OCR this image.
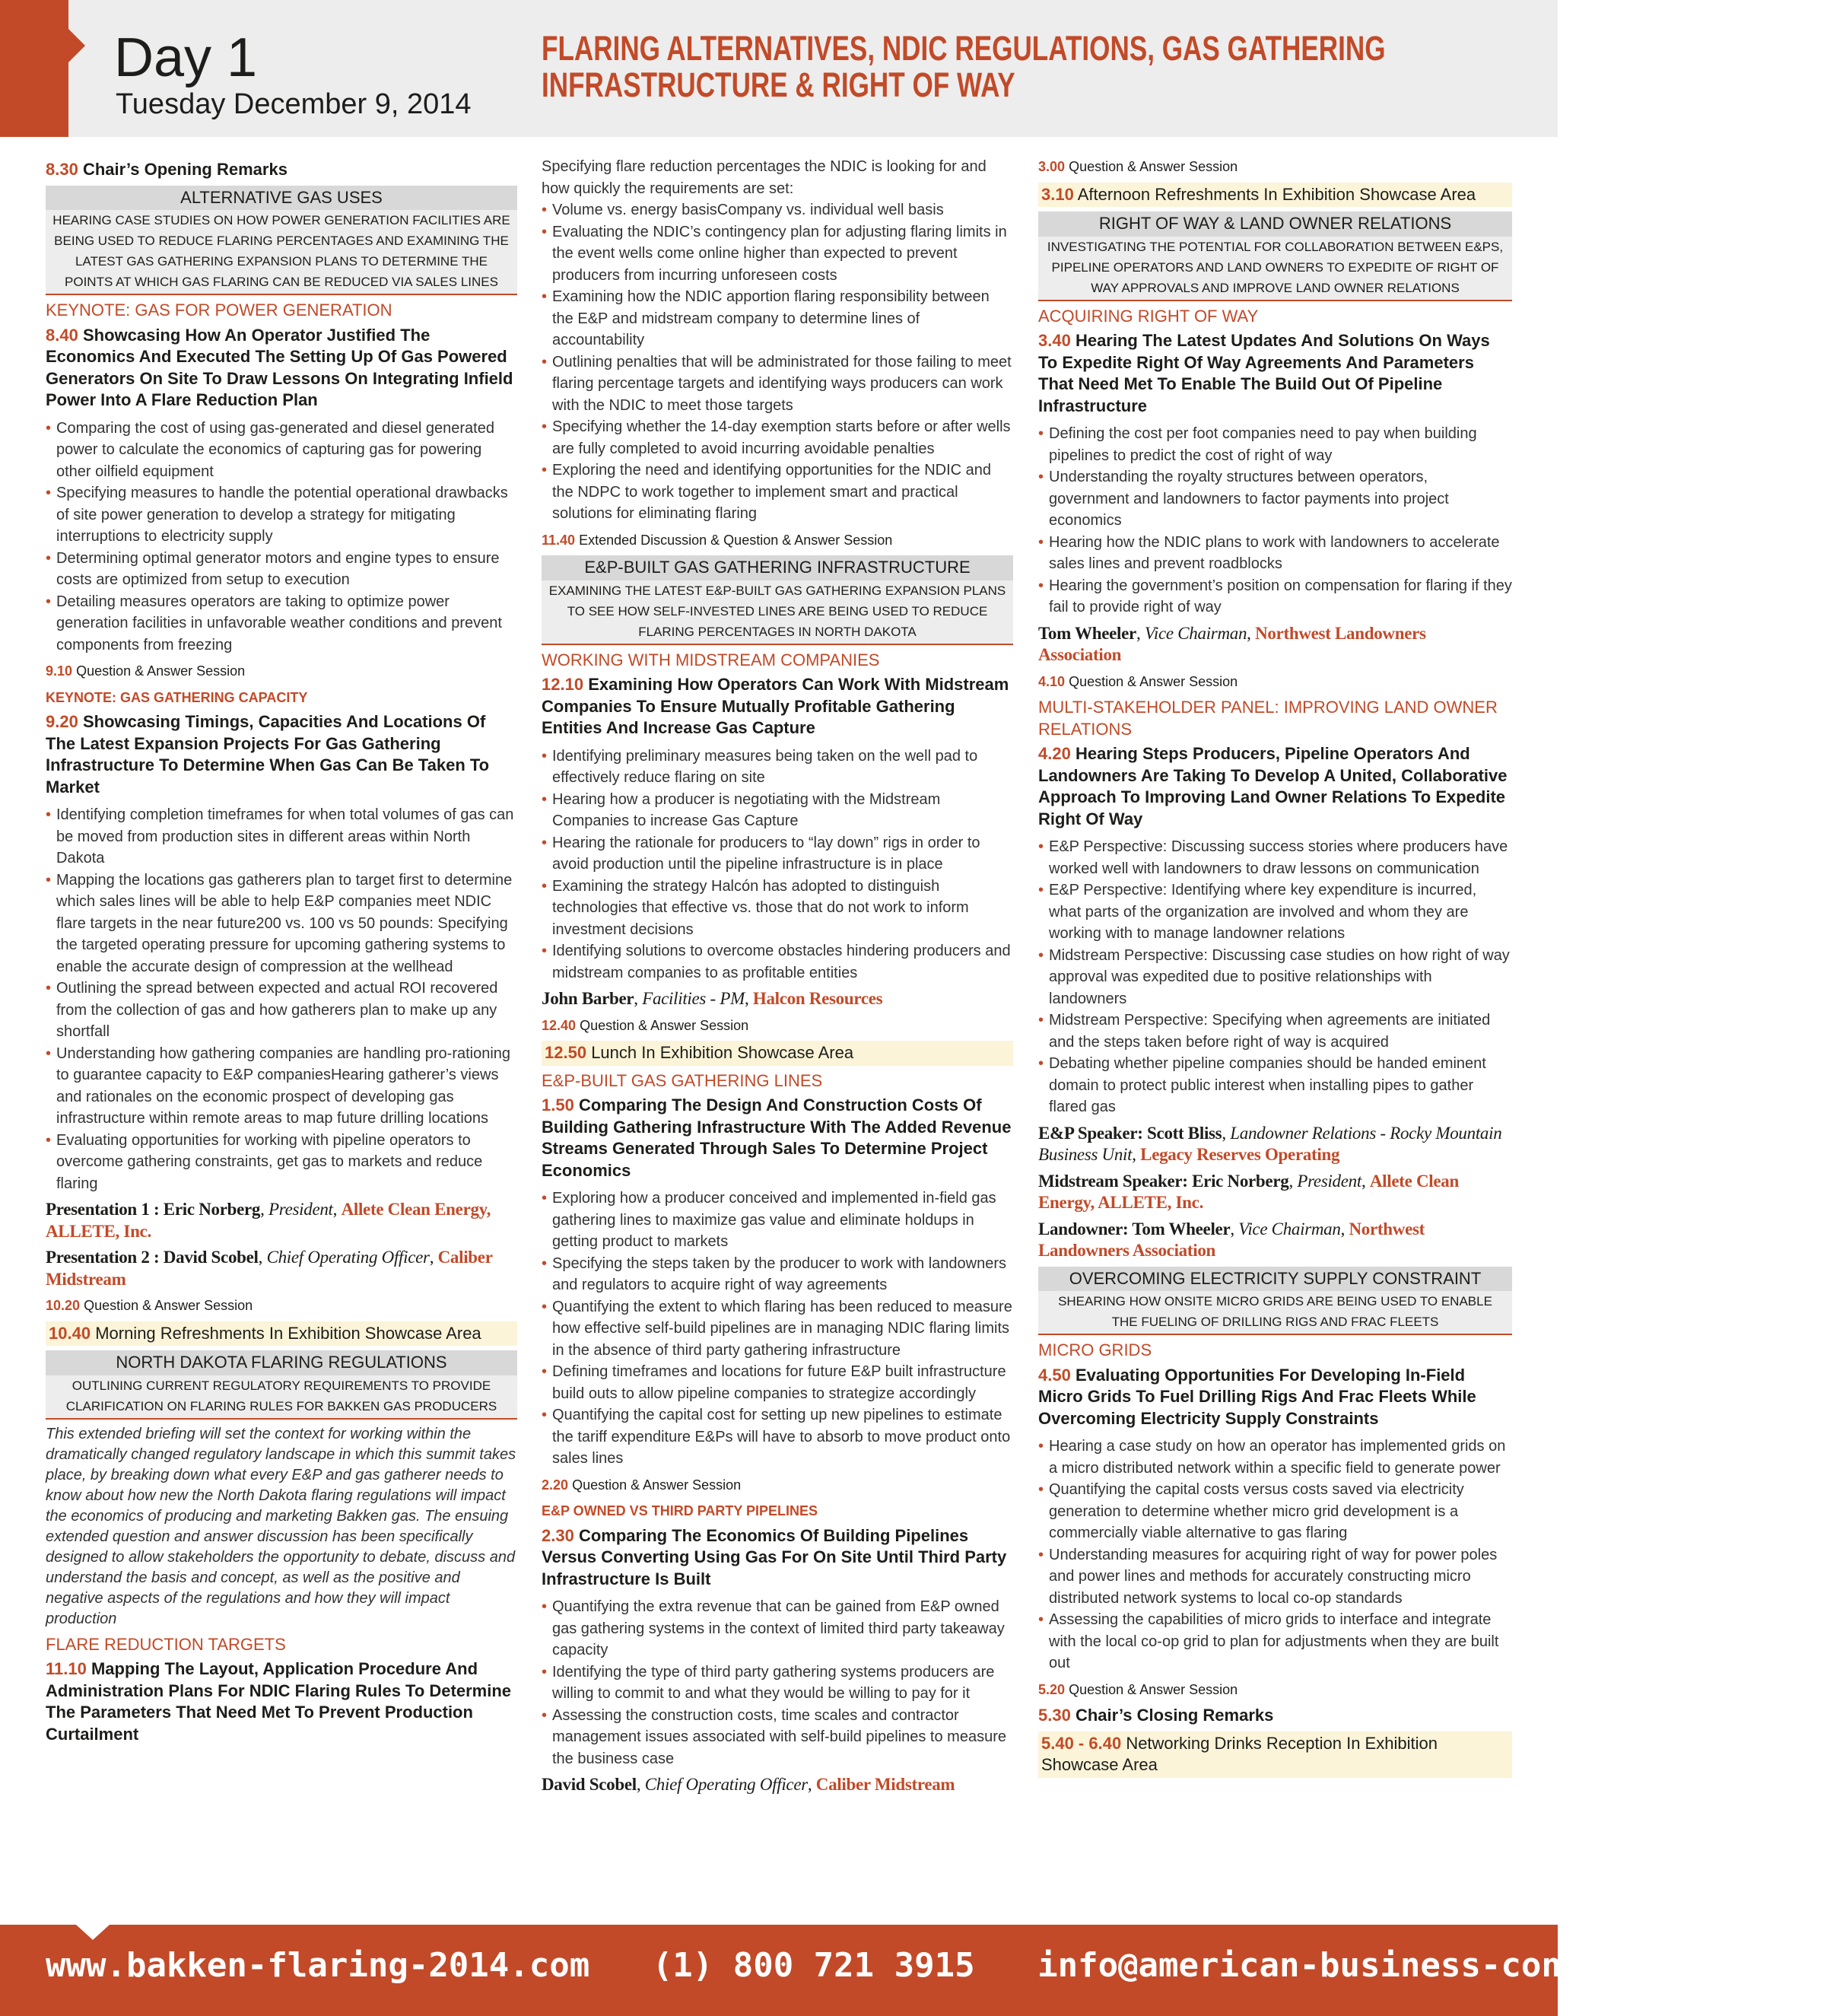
Day 1
Tuesday December 9, 2014
FLARING ALTERNATIVES, NDIC REGULATIONS, GAS GATHERING
INFRASTRUCTURE & RIGHT OF WAY
8.30 Chair’s Opening Remarks
ALTERNATIVE GAS USES
HEARING CASE STUDIES ON HOW POWER GENERATION FACILITIES ARE BEING USED TO REDUCE FLARING PERCENTAGES AND EXAMINING THE LATEST GAS GATHERING EXPANSION PLANS TO DETERMINE THE POINTS AT WHICH GAS FLARING CAN BE REDUCED VIA SALES LINES
KEYNOTE: GAS FOR POWER GENERATION
8.40 Showcasing How An Operator Justified The Economics And Executed The Setting Up Of Gas Powered Generators On Site To Draw Lessons On Integrating Infield Power Into A Flare Reduction Plan
• Comparing the cost of using gas-generated and diesel generated power to calculate the economics of capturing gas for powering other oilfield equipment
• Specifying measures to handle the potential operational drawbacks of site power generation to develop a strategy for mitigating interruptions to electricity supply
• Determining optimal generator motors and engine types to ensure costs are optimized from setup to execution
• Detailing measures operators are taking to optimize power generation facilities in unfavorable weather conditions and prevent components from freezing
9.10 Question & Answer Session
KEYNOTE: GAS GATHERING CAPACITY
9.20 Showcasing Timings, Capacities And Locations Of The Latest Expansion Projects For Gas Gathering Infrastructure To Determine When Gas Can Be Taken To Market
• Identifying completion timeframes for when total volumes of gas can be moved from production sites in different areas within North Dakota
• Mapping the locations gas gatherers plan to target first to determine which sales lines will be able to help E&P companies meet NDIC flare targets in the near future200 vs. 100 vs 50 pounds: Specifying the targeted operating pressure for upcoming gathering systems to enable the accurate design of compression at the wellhead
• Outlining the spread between expected and actual ROI recovered from the collection of gas and how gatherers plan to make up any shortfall
• Understanding how gathering companies are handling pro-rationing to guarantee capacity to E&P companiesHearing gatherer’s views and rationales on the economic prospect of developing gas infrastructure within remote areas to map future drilling locations
• Evaluating opportunities for working with pipeline operators to overcome gathering constraints, get gas to markets and reduce flaring
Presentation 1 : Eric Norberg, President, Allete Clean Energy, ALLETE, Inc.
Presentation 2 : David Scobel, Chief Operating Officer, Caliber Midstream
10.20 Question & Answer Session
10.40 Morning Refreshments In Exhibition Showcase Area
NORTH DAKOTA FLARING REGULATIONS
OUTLINING CURRENT REGULATORY REQUIREMENTS TO PROVIDE CLARIFICATION ON FLARING RULES FOR BAKKEN GAS PRODUCERS
This extended briefing will set the context for working within the dramatically changed regulatory landscape in which this summit takes place, by breaking down what every E&P and gas gatherer needs to know about how new the North Dakota flaring regulations will impact the economics of producing and marketing Bakken gas. The ensuing extended question and answer discussion has been specifically designed to allow stakeholders the opportunity to debate, discuss and understand the basis and concept, as well as the positive and negative aspects of the regulations and how they will impact production
FLARE REDUCTION TARGETS
11.10 Mapping The Layout, Application Procedure And Administration Plans For NDIC Flaring Rules To Determine The Parameters That Need Met To Prevent Production Curtailment
Specifying flare reduction percentages the NDIC is looking for and how quickly the requirements are set:
• Volume vs. energy basisCompany vs. individual well basis
• Evaluating the NDIC’s contingency plan for adjusting flaring limits in the event wells come online higher than expected to prevent producers from incurring unforeseen costs
• Examining how the NDIC apportion flaring responsibility between the E&P and midstream company to determine lines of accountability
• Outlining penalties that will be administrated for those failing to meet flaring percentage targets and identifying ways producers can work with the NDIC to meet those targets
• Specifying whether the 14-day exemption starts before or after wells are fully completed to avoid incurring avoidable penalties
• Exploring the need and identifying opportunities for the NDIC and the NDPC to work together to implement smart and practical solutions for eliminating flaring
11.40 Extended Discussion & Question & Answer Session
E&P-BUILT GAS GATHERING INFRASTRUCTURE
EXAMINING THE LATEST E&P-BUILT GAS GATHERING EXPANSION PLANS TO SEE HOW SELF-INVESTED LINES ARE BEING USED TO REDUCE FLARING PERCENTAGES IN NORTH DAKOTA
WORKING WITH MIDSTREAM COMPANIES
12.10 Examining How Operators Can Work With Midstream Companies To Ensure Mutually Profitable Gathering Entities And Increase Gas Capture
• Identifying preliminary measures being taken on the well pad to effectively reduce flaring on site
• Hearing how a producer is negotiating with the Midstream Companies to increase Gas Capture
• Hearing the rationale for producers to “lay down” rigs in order to avoid production until the pipeline infrastructure is in place
• Examining the strategy Halcón has adopted to distinguish technologies that effective vs. those that do not work to inform investment decisions
• Identifying solutions to overcome obstacles hindering producers and midstream companies to as profitable entities
John Barber, Facilities - PM, Halcon Resources
12.40 Question & Answer Session
12.50 Lunch In Exhibition Showcase Area
E&P-BUILT GAS GATHERING LINES
1.50 Comparing The Design And Construction Costs Of Building Gathering Infrastructure With The Added Revenue Streams Generated Through Sales To Determine Project Economics
• Exploring how a producer conceived and implemented in-field gas gathering lines to maximize gas value and eliminate holdups in getting product to markets
• Specifying the steps taken by the producer to work with landowners and regulators to acquire right of way agreements
• Quantifying the extent to which flaring has been reduced to measure how effective self-build pipelines are in managing NDIC flaring limits in the absence of third party gathering infrastructure
• Defining timeframes and locations for future E&P built infrastructure build outs to allow pipeline companies to strategize accordingly
• Quantifying the capital cost for setting up new pipelines to estimate the tariff expenditure E&Ps will have to absorb to move product onto sales lines
2.20 Question & Answer Session
E&P OWNED VS THIRD PARTY PIPELINES
2.30 Comparing The Economics Of Building Pipelines Versus Converting Using Gas For On Site Until Third Party Infrastructure Is Built
• Quantifying the extra revenue that can be gained from E&P owned gas gathering systems in the context of limited third party takeaway capacity
• Identifying the type of third party gathering systems producers are willing to commit to and what they would be willing to pay for it
• Assessing the construction costs, time scales and contractor management issues associated with self-build pipelines to measure the business case
David Scobel, Chief Operating Officer, Caliber Midstream
3.00 Question & Answer Session
3.10 Afternoon Refreshments In Exhibition Showcase Area
RIGHT OF WAY & LAND OWNER RELATIONS
INVESTIGATING THE POTENTIAL FOR COLLABORATION BETWEEN E&PS, PIPELINE OPERATORS AND LAND OWNERS TO EXPEDITE OF RIGHT OF WAY APPROVALS AND IMPROVE LAND OWNER RELATIONS
ACQUIRING RIGHT OF WAY
3.40 Hearing The Latest Updates And Solutions On Ways To Expedite Right Of Way Agreements And Parameters That Need Met To Enable The Build Out Of Pipeline Infrastructure
• Defining the cost per foot companies need to pay when building pipelines to predict the cost of right of way
• Understanding the royalty structures between operators, government and landowners to factor payments into project economics
• Hearing how the NDIC plans to work with landowners to accelerate sales lines and prevent roadblocks
• Hearing the government’s position on compensation for flaring if they fail to provide right of way
Tom Wheeler, Vice Chairman, Northwest Landowners Association
4.10 Question & Answer Session
MULTI-STAKEHOLDER PANEL: IMPROVING LAND OWNER RELATIONS
4.20 Hearing Steps Producers, Pipeline Operators And Landowners Are Taking To Develop A United, Collaborative Approach To Improving Land Owner Relations To Expedite Right Of Way
• E&P Perspective: Discussing success stories where producers have worked well with landowners to draw lessons on communication
• E&P Perspective: Identifying where key expenditure is incurred, what parts of the organization are involved and whom they are working with to manage landowner relations
• Midstream Perspective: Discussing case studies on how right of way approval was expedited due to positive relationships with landowners
• Midstream Perspective: Specifying when agreements are initiated and the steps taken before right of way is acquired
• Debating whether pipeline companies should be handed eminent domain to protect public interest when installing pipes to gather flared gas
E&P Speaker: Scott Bliss, Landowner Relations - Rocky Mountain Business Unit, Legacy Reserves Operating
Midstream Speaker: Eric Norberg, President, Allete Clean Energy, ALLETE, Inc.
Landowner: Tom Wheeler, Vice Chairman, Northwest Landowners Association
OVERCOMING ELECTRICITY SUPPLY CONSTRAINT
SHEARING HOW ONSITE MICRO GRIDS ARE BEING USED TO ENABLE THE FUELING OF DRILLING RIGS AND FRAC FLEETS
MICRO GRIDS
4.50 Evaluating Opportunities For Developing In-Field Micro Grids To Fuel Drilling Rigs And Frac Fleets While Overcoming Electricity Supply Constraints
• Hearing a case study on how an operator has implemented grids on a micro distributed network within a specific field to generate power
• Quantifying the capital costs versus costs saved via electricity generation to determine whether micro grid development is a commercially viable alternative to gas flaring
• Understanding measures for acquiring right of way for power poles and power lines and methods for accurately constructing micro distributed network systems to local co-op standards
• Assessing the capabilities of micro grids to interface and integrate with the local co-op grid to plan for adjustments when they are built out
5.20 Question & Answer Session
5.30 Chair’s Closing Remarks
5.40 - 6.40 Networking Drinks Reception In Exhibition Showcase Area
www.bakken-flaring-2014.com (1) 800 721 3915 info@american-business-conferences.com
